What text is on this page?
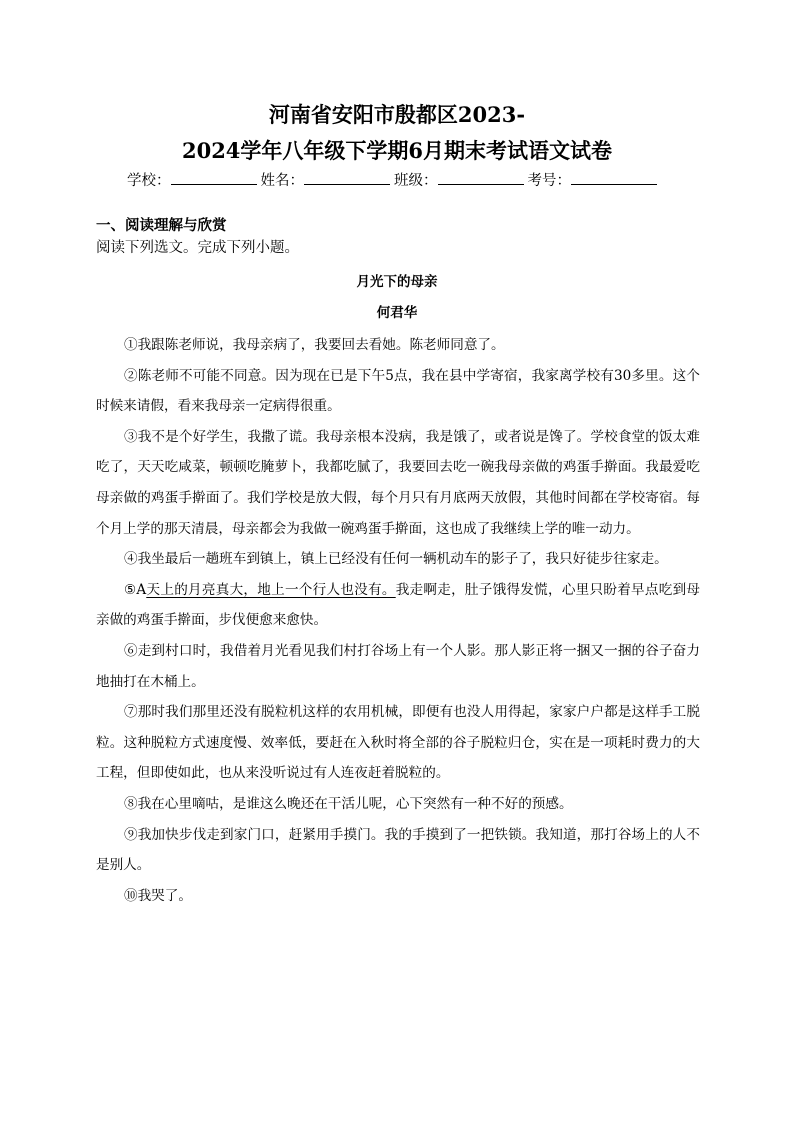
河南省安阳市殷都区2023-
2024学年八年级下学期6月期末考试语文试卷
学校：	姓名：	班级：	考号：
一、阅读理解与欣赏
阅读下列选文。完成下列小题。
月光下的母亲
何君华

①我跟陈老师说，我母亲病了，我要回去看她。陈老师同意了。

②陈老师不可能不同意。因为现在已是下午5点，我在县中学寄宿，我家离学校有30多里。这个时候来请假，看来我母亲一定病得很重。

③我不是个好学生，我撒了谎。我母亲根本没病，我是饿了，或者说是馋了。学校食堂的饭太难吃了，天天吃咸菜，顿顿吃腌萝卜，我都吃腻了，我要回去吃一碗我母亲做的鸡蛋手擀面。我最爱吃母亲做的鸡蛋手擀面了。我们学校是放大假，每个月只有月底两天放假，其他时间都在学校寄宿。每个月上学的那天清晨，母亲都会为我做一碗鸡蛋手擀面，这也成了我继续上学的唯一动力。

④我坐最后一趟班车到镇上，镇上已经没有任何一辆机动车的影子了，我只好徒步往家走。

⑤A天上的月亮真大，地上一个行人也没有。我走啊走，肚子饿得发慌，心里只盼着早点吃到母亲做的鸡蛋手擀面，步伐便愈来愈快。

⑥走到村口时，我借着月光看见我们村打谷场上有一个人影。那人影正将一捆又一捆的谷子奋力地抽打在木桶上。

⑦那时我们那里还没有脱粒机这样的农用机械，即便有也没人用得起，家家户户都是这样手工脱粒。这种脱粒方式速度慢、效率低，要赶在入秋时将全部的谷子脱粒归仓，实在是一项耗时费力的大工程，但即使如此，也从来没听说过有人连夜赶着脱粒的。

⑧我在心里嘀咕，是谁这么晚还在干活儿呢，心下突然有一种不好的预感。

⑨我加快步伐走到家门口，赶紧用手摸门。我的手摸到了一把铁锁。我知道，那打谷场上的人不是别人。

⑩我哭了。
